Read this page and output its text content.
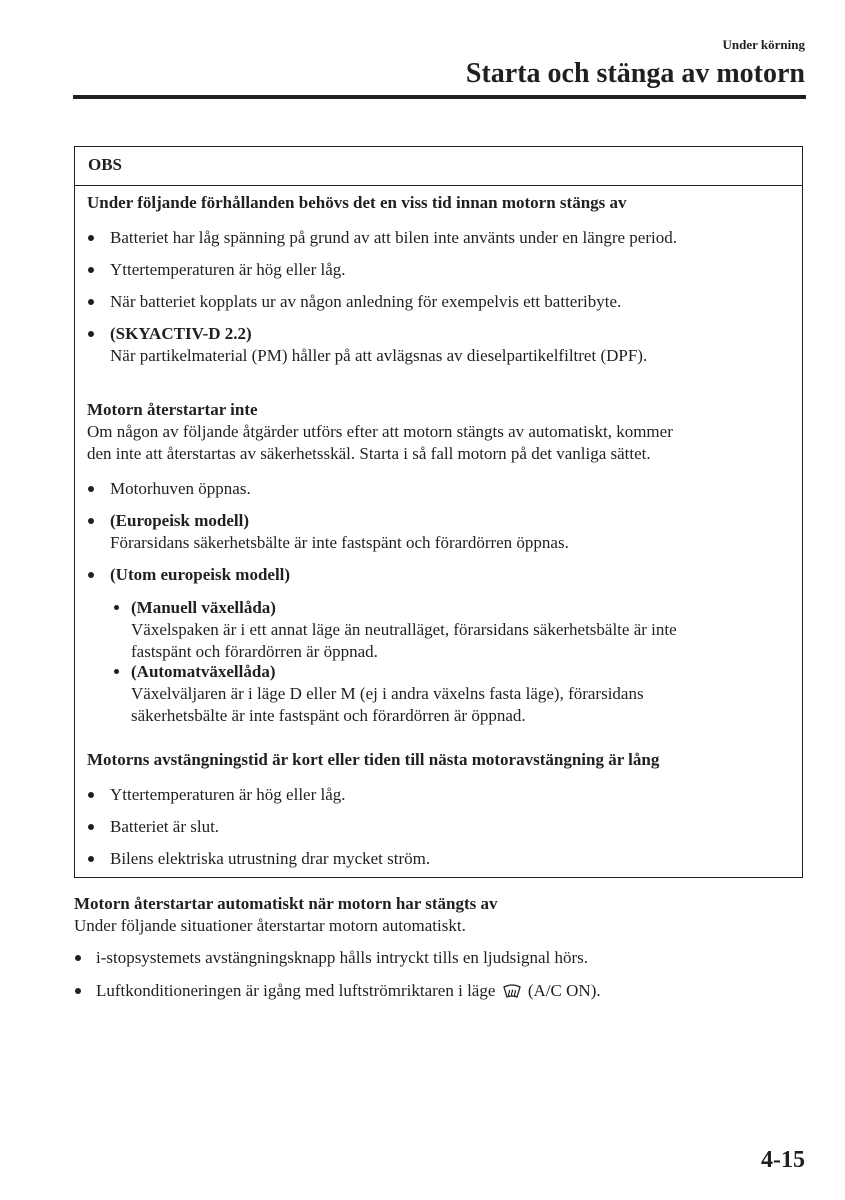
Under körning
Starta och stänga av motorn
OBS
Under följande förhållanden behövs det en viss tid innan motorn stängs av
Batteriet har låg spänning på grund av att bilen inte använts under en längre period.
Yttertemperaturen är hög eller låg.
När batteriet kopplats ur av någon anledning för exempelvis ett batteribyte.
(SKYACTIV-D 2.2)
När partikelmaterial (PM) håller på att avlägsnas av dieselpartikelfiltret (DPF).
Motorn återstartar inte
Om någon av följande åtgärder utförs efter att motorn stängts av automatiskt, kommer
den inte att återstartas av säkerhetsskäl. Starta i så fall motorn på det vanliga sättet.
Motorhuven öppnas.
(Europeisk modell)
Förarsidans säkerhetsbälte är inte fastspänt och förardörren öppnas.
(Utom europeisk modell)
(Manuell växellåda)
Växelspaken är i ett annat läge än neutralläget, förarsidans säkerhetsbälte är inte
fastspänt och förardörren är öppnad.
(Automatväxellåda)
Växelväljaren är i läge D eller M (ej i andra växelns fasta läge), förarsidans
säkerhetsbälte är inte fastspänt och förardörren är öppnad.
Motorns avstängningstid är kort eller tiden till nästa motoravstängning är lång
Yttertemperaturen är hög eller låg.
Batteriet är slut.
Bilens elektriska utrustning drar mycket ström.
Motorn återstartar automatiskt när motorn har stängts av
Under följande situationer återstartar motorn automatiskt.
i-stopsystemets avstängningsknapp hålls intryckt tills en ljudsignal hörs.
Luftkonditioneringen är igång med luftströmriktaren i läge (A/C ON).
4-15
